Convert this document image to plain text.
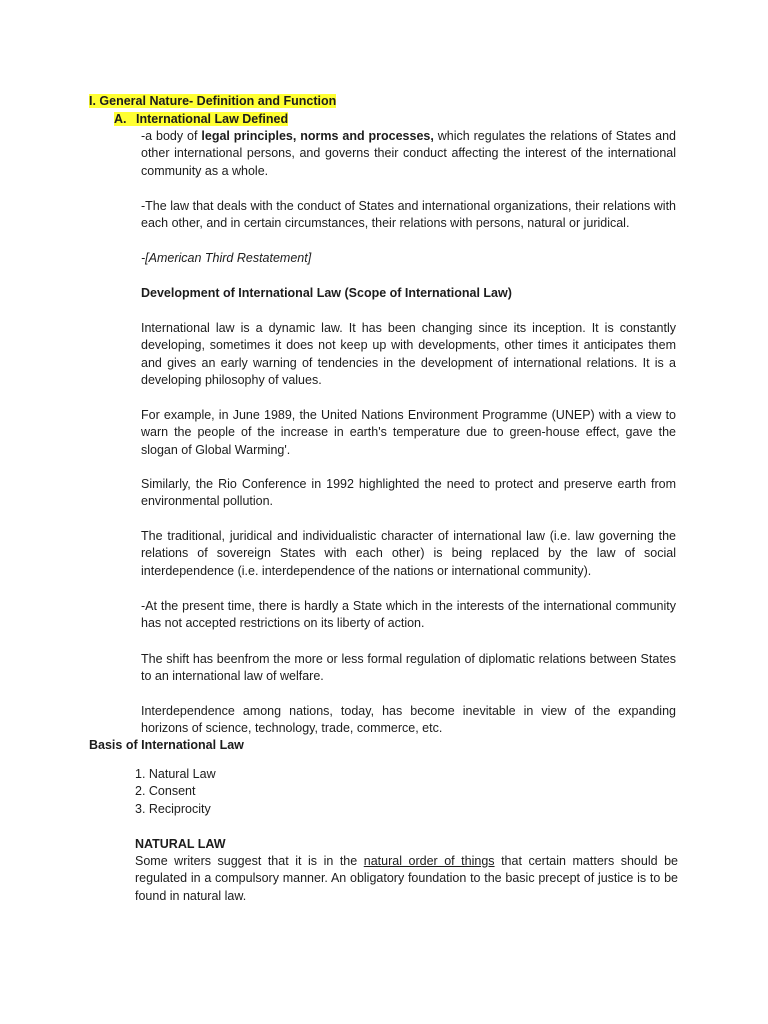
I. General Nature- Definition and Function
A. International Law Defined
-a body of legal principles, norms and processes, which regulates the relations of States and other international persons, and governs their conduct affecting the interest of the international community as a whole.
-The law that deals with the conduct of States and international organizations, their relations with each other, and in certain circumstances, their relations with persons, natural or juridical.
-[American Third Restatement]
Development of International Law (Scope of International Law)
International law is a dynamic law. It has been changing since its inception. It is constantly developing, sometimes it does not keep up with developments, other times it anticipates them and gives an early warning of tendencies in the development of international relations. It is a developing philosophy of values.
For example, in June 1989, the United Nations Environment Programme (UNEP) with a view to warn the people of the increase in earth's temperature due to green-house effect, gave the slogan of Global Warming'.
Similarly, the Rio Conference in 1992 highlighted the need to protect and preserve earth from environmental pollution.
The traditional, juridical and individualistic character of international law (i.e. law governing the relations of sovereign States with each other) is being replaced by the law of social interdependence (i.e. interdependence of the nations or international community).
-At the present time, there is hardly a State which in the interests of the international community has not accepted restrictions on its liberty of action.
The shift has beenfrom the more or less formal regulation of diplomatic relations between States to an international law of welfare.
Interdependence among nations, today, has become inevitable in view of the expanding horizons of science, technology, trade, commerce, etc.
Basis of International Law
1. Natural Law
2. Consent
3. Reciprocity
NATURAL LAW
Some writers suggest that it is in the natural order of things that certain matters should be regulated in a compulsory manner. An obligatory foundation to the basic precept of justice is to be found in natural law.
